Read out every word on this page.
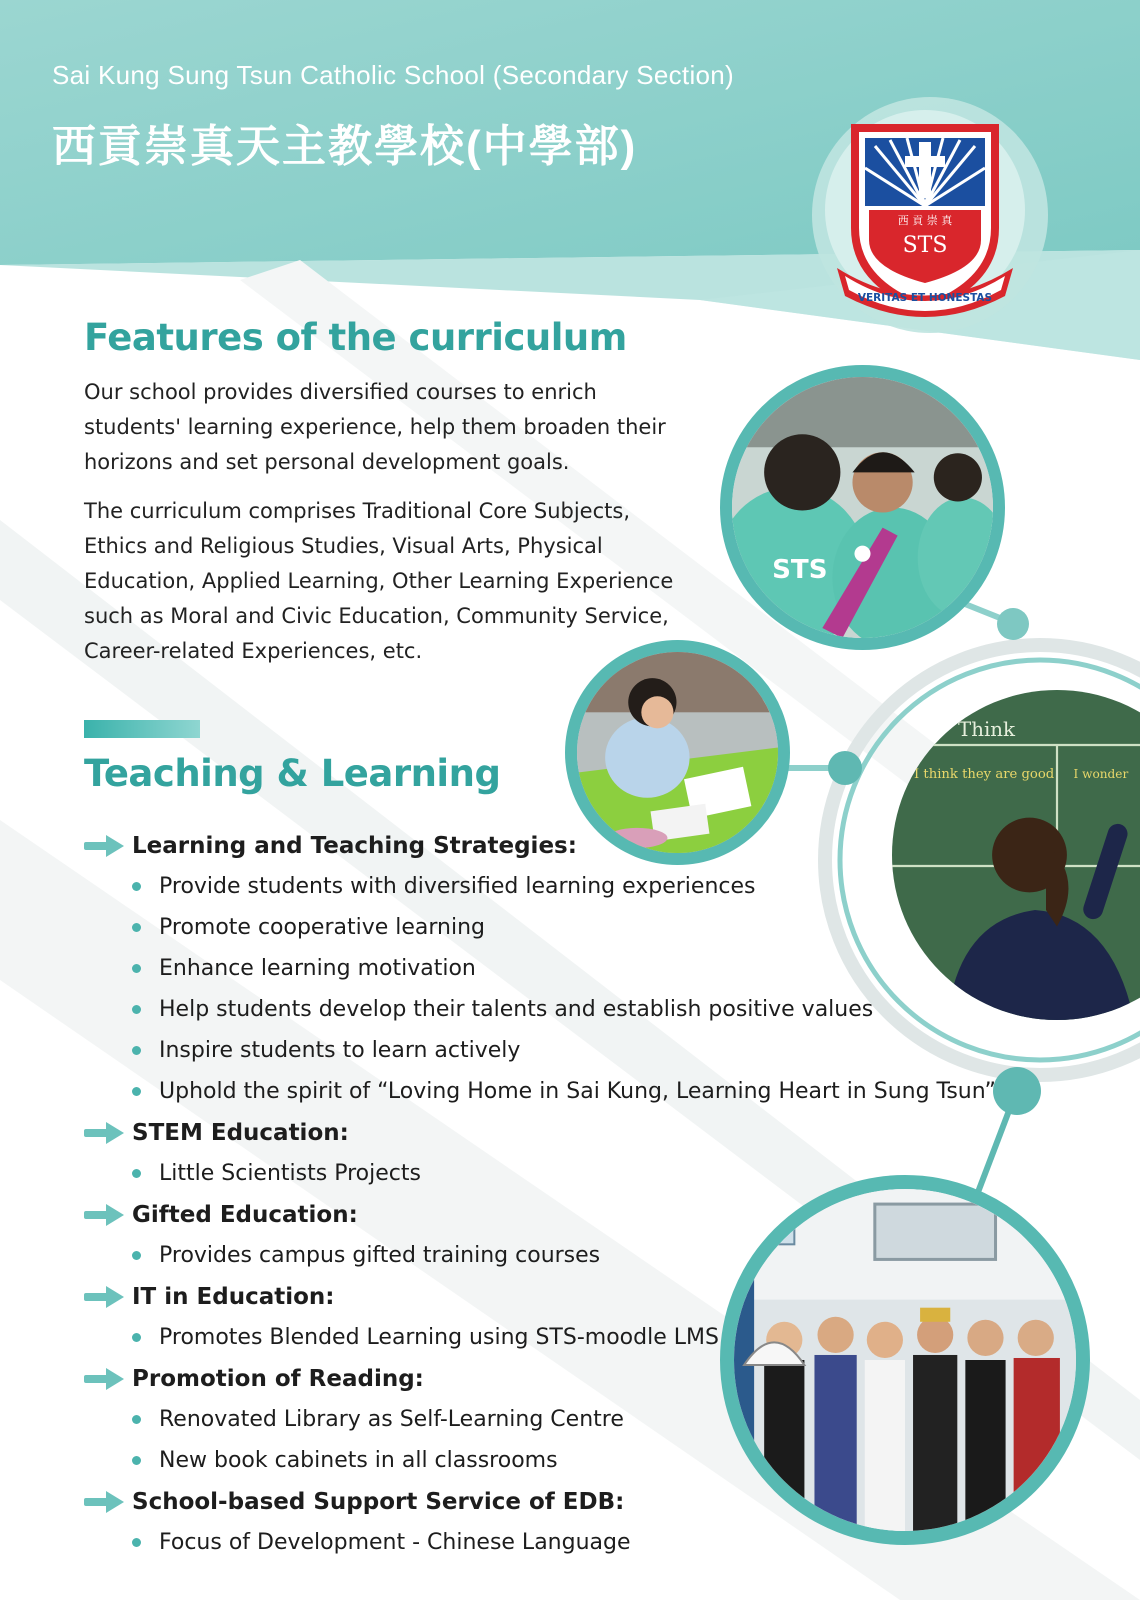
Sai Kung Sung Tsun Catholic School (Secondary Section)
西貢崇真天主教學校(中學部)
西 貢 崇 真
STS
VERITAS ET HONESTAS
Features of the curriculum

Our school provides diversified courses to enrich students' learning experience, help them broaden their horizons and set personal development goals.

The curriculum comprises Traditional Core Subjects, Ethics and Religious Studies, Visual Arts, Physical Education, Applied Learning, Other Learning Experience such as Moral and Civic Education, Community Service, Career-related Experiences, etc.

Teaching & Learning
Learning and Teaching Strategies:
Provide students with diversified learning experiences
Promote cooperative learning
Enhance learning motivation
Help students develop their talents and establish positive values
Inspire students to learn actively
Uphold the spirit of “Loving Home in Sai Kung, Learning Heart in Sung Tsun”
STEM Education:
Little Scientists Projects
Gifted Education:
Provides campus gifted training courses
IT in Education:
Promotes Blended Learning using STS-moodle LMS
Promotion of Reading:
Renovated Library as Self-Learning Centre
New book cabinets in all classrooms
School-based Support Service of EDB:
Focus of Development - Chinese Language
STS
Think
I think they are good I wonder
S3
